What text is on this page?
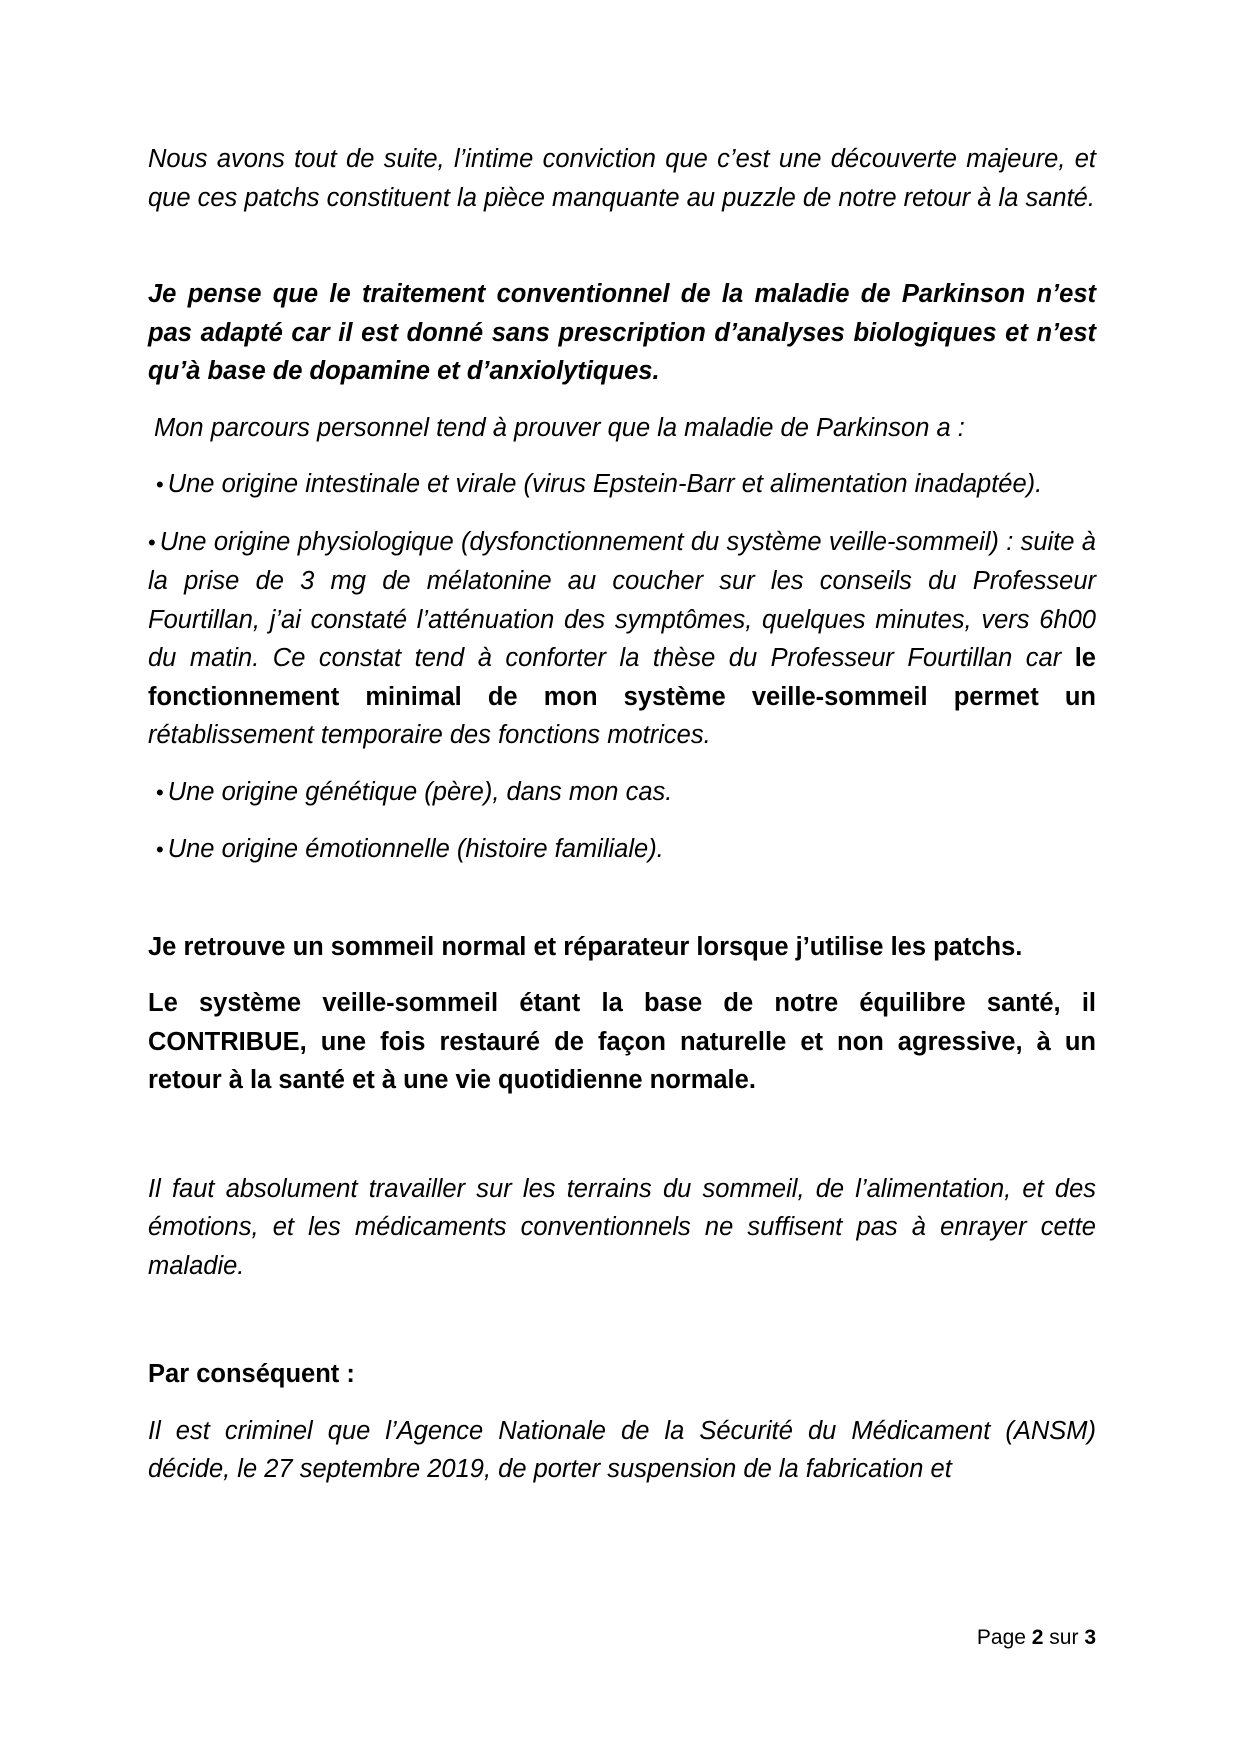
Nous avons tout de suite, l’intime conviction que c’est une découverte majeure, et que ces patchs constituent la pièce manquante au puzzle de notre retour à la santé.

Je pense que le traitement conventionnel de la maladie de Parkinson n’est pas adapté car il est donné sans prescription d’analyses biologiques et n’est qu’à base de dopamine et d’anxiolytiques.

Mon parcours personnel tend à prouver que la maladie de Parkinson a :

• Une origine intestinale et virale (virus Epstein-Barr et alimentation inadaptée).

• Une origine physiologique (dysfonctionnement du système veille-sommeil) : suite à la prise de 3 mg de mélatonine au coucher sur les conseils du Professeur Fourtillan, j’ai constaté l’atténuation des symptômes, quelques minutes, vers 6h00 du matin. Ce constat tend à conforter la thèse du Professeur Fourtillan car le fonctionnement minimal de mon système veille-sommeil permet un rétablissement temporaire des fonctions motrices.

• Une origine génétique (père), dans mon cas.

• Une origine émotionnelle (histoire familiale).

Je retrouve un sommeil normal et réparateur lorsque j’utilise les patchs.

Le système veille-sommeil étant la base de notre équilibre santé, il CONTRIBUE, une fois restauré de façon naturelle et non agressive, à un retour à la santé et à une vie quotidienne normale.

Il faut absolument travailler sur les terrains du sommeil, de l’alimentation, et des émotions, et les médicaments conventionnels ne suffisent pas à enrayer cette maladie.

Par conséquent :

Il est criminel que l’Agence Nationale de la Sécurité du Médicament (ANSM) décide, le 27 septembre 2019, de porter suspension de la fabrication et

Page 2 sur 3
